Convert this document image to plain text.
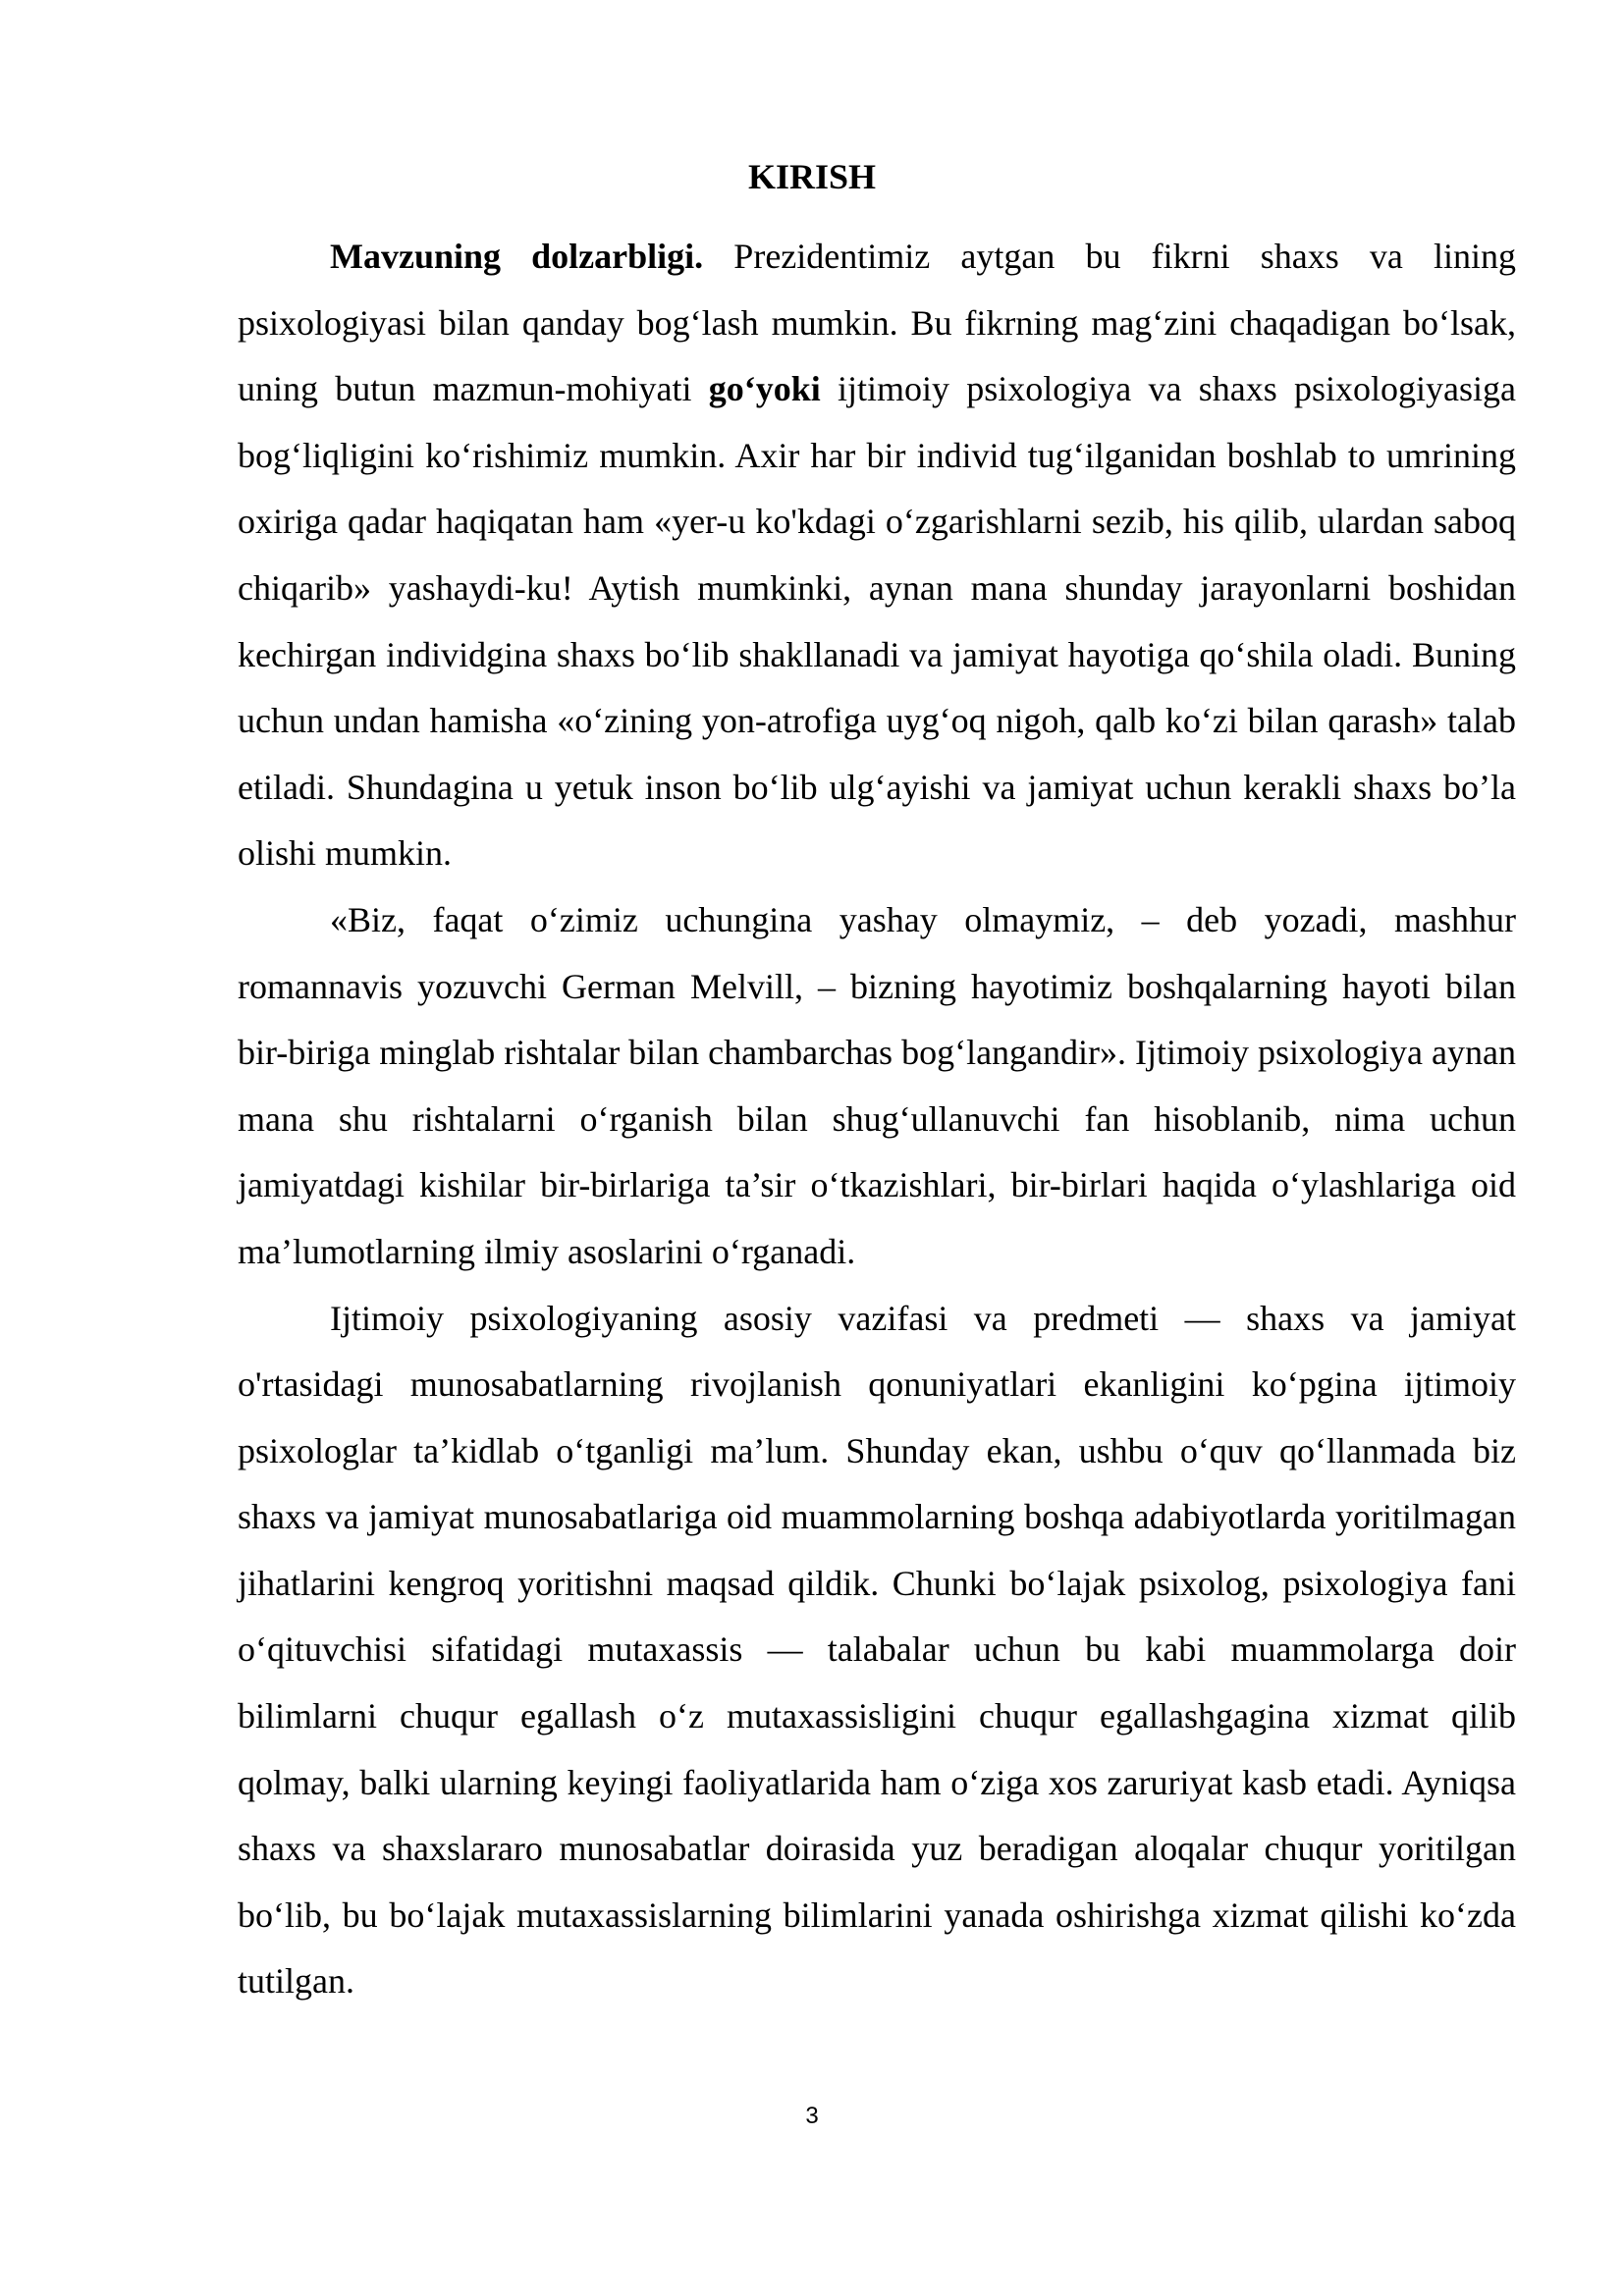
KIRISH

Mavzuning dolzarbligi. Prezidentimiz aytgan bu fikrni shaxs va lining psixologiyasi bilan qanday bog‘lash mumkin. Bu fikrning mag‘zini chaqadigan bo‘lsak, uning butun mazmun-mohiyati go‘yoki ijtimoiy psixologiya va shaxs psixologiyasiga bog‘liqligini ko‘rishimiz mumkin. Axir har bir individ tug‘ilganidan boshlab to umrining oxiriga qadar haqiqatan ham «yer-u ko'kdagi o‘zgarishlarni sezib, his qilib, ulardan saboq chiqarib» yashaydi-ku! Aytish mumkinki, aynan mana shunday jarayonlarni boshidan kechirgan individgina shaxs bo‘lib shakllanadi va jamiyat hayotiga qo‘shila oladi. Buning uchun undan hamisha «o‘zining yon-atrofiga uyg‘oq nigoh, qalb ko‘zi bilan qarash» talab etiladi. Shundagina u yetuk inson bo‘lib ulg‘ayishi va jamiyat uchun kerakli shaxs bo’la olishi mumkin.

«Biz, faqat o‘zimiz uchungina yashay olmaymiz, – deb yozadi, mashhur romannavis yozuvchi German Melvill, – bizning hayotimiz boshqalarning hayoti bilan bir-biriga minglab rishtalar bilan chambarchas bog‘langandir». Ijtimoiy psixologiya aynan mana shu rishtalarni o‘rganish bilan shug‘ullanuvchi fan hisoblanib, nima uchun jamiyatdagi kishilar bir-birlariga ta’sir o‘tkazishlari, bir-birlari haqida o‘ylashlariga oid ma’lumotlarning ilmiy asoslarini o‘rganadi.

Ijtimoiy psixologiyaning asosiy vazifasi va predmeti — shaxs va jamiyat o'rtasidagi munosabatlarning rivojlanish qonuniyatlari ekanligini ko‘pgina ijtimoiy psixologlar ta’kidlab o‘tganligi ma’lum. Shunday ekan, ushbu o‘quv qo‘llanmada biz shaxs va jamiyat munosabatlariga oid muammolarning boshqa adabiyotlarda yoritilmagan jihatlarini kengroq yoritishni maqsad qildik. Chunki bo‘lajak psixolog, psixologiya fani o‘qituvchisi sifatidagi mutaxassis — talabalar uchun bu kabi muammolarga doir bilimlarni chuqur egallash o‘z mutaxassisligini chuqur egallashgagina xizmat qilib qolmay, balki ularning keyingi faoliyatlarida ham o‘ziga xos zaruriyat kasb etadi. Ayniqsa shaxs va shaxslararo munosabatlar doirasida yuz beradigan aloqalar chuqur yoritilgan bo‘lib, bu bo‘lajak mutaxassislarning bilimlarini yanada oshirishga xizmat qilishi ko‘zda tutilgan.

3
